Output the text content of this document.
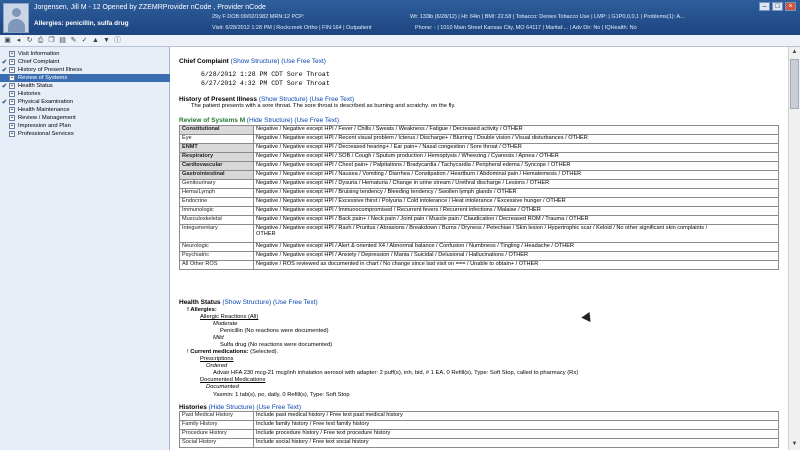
Jorgensen, Jill M - 12 Opened by ZZEMRProvider nCode , Provider nCode
Allergies: penicillin, sulfa drug
29y F DOB:09/02/1982 MRN:12 PCP:
Visit: 6/28/2012 1:28 PM | Rockcreek Ortho | FIN:164 | Outpatient
Wt: 133lb (6/28/12) | Ht: 64in | BMI: 22.58 | Tobacco: Denies Tobacco Use | LMP: | G1P0,0,0,1 | Problems(1): A...
Phone: - | 1010 Main Street Kansas City, MO 64117 | Marital:... | Adv Dir: No | IQHealth: No
–	□	×
▣ ◂ ↻ ⎙ ❐ ▤ ✎ ✓ ▲ ▼ ⓘ
+ Visit Information
✔ + Chief Complaint
✔ + History of Present Illness
+ Review of Systems
✔ + Health Status
+ Histories
✔ + Physical Examination
+ Health Maintenance
+ Review / Management
+ Impression and Plan
+ Professional Services
Chief Complaint (Show Structure) (Use Free Text)
6/28/2012 1:28 PM CDT Sore Throat
6/27/2012 4:32 PM CDT Sore Throat
History of Present Illness (Show Structure) (Use Free Text)
The patient presents with a sore throat. The sore throat is described as burning and scratchy. on the fly.
Review of Systems M (Hide Structure) (Use Free Text)
Constitutional	Negative / Negative except HPI / Fever / Chills / Sweats / Weakness / Fatigue / Decreased activity / OTHER
Eye	Negative / Negative except HPI / Recent visual problem / Icterus / Discharge+ / Blurring / Double vision / Visual disturbances / OTHER
ENMT	Negative / Negative except HPI / Decreased hearing+ / Ear pain+ / Nasal congestion / Sore throat / OTHER
Respiratory	Negative / Negative except HPI / SOB / Cough / Sputum production / Hemoptysis / Wheezing / Cyanosis / Apnea / OTHER
Cardiovascular	Negative / Negative except HPI / Chest pain+ / Palpitations / Bradycardia / Tachycardia / Peripheral edema / Syncope / OTHER
Gastrointestinal	Negative / Negative except HPI / Nausea / Vomiting / Diarrhea / Constipation / Heartburn / Abdominal pain / Hematemesis / OTHER
Genitourinary	Negative / Negative except HPI / Dysuria / Hematuria / Change in urine stream / Urethral discharge / Lesions / OTHER
Hema/Lymph	Negative / Negative except HPI / Bruising tendency / Bleeding tendency / Swollen lymph glands / OTHER
Endocrine	Negative / Negative except HPI / Excessive thirst / Polyuria / Cold intolerance / Heat intolerance / Excessive hunger / OTHER
Immunologic	Negative / Negative except HPI / Immunocompromised / Recurrent fevers / Recurrent infections / Malaise / OTHER
Musculoskeletal	Negative / Negative except HPI / Back pain+ / Neck pain / Joint pain / Muscle pain / Claudication / Decreased ROM / Trauma / OTHER
Integumentary	Negative / Negative except HPI / Rash / Pruritus / Abrasions / Breakdown / Burns / Dryness / Petechiae / Skin lesion / Hypertrophic scar / Keloid / No other significant skin complaints /
OTHER
Neurologic	Negative / Negative except HPI / Alert & oriented X4 / Abnormal balance / Confusion / Numbness / Tingling / Headache / OTHER
Psychiatric	Negative / Negative except HPI / Anxiety / Depression / Mania / Suicidal / Delusional / Hallucinations / OTHER
All Other ROS	Negative / ROS reviewed as documented in chart / No change since last visit on === / Unable to obtain+ / OTHER
Health Status (Show Structure) (Use Free Text)
! Allergies:
Allergic Reactions (All)
Moderate
Penicillin (No reactions were documented)
Mild
Sulfa drug (No reactions were documented)
! Current medications: (Selected).
Prescriptions
Ordered
Advair HFA 230 mcg-21 mcg/inh inhalation aerosol with adapter: 2 puff(s), inh, bid, # 1 EA, 0 Refill(s), Type: Soft Stop, called to pharmacy (Rx)
Documented Medications
Documented
Yasmin: 1 tab(s), po, daily, 0 Refill(s), Type: Soft Stop
Histories (Hide Structure) (Use Free Text)
Past Medical History	Include past medical history / Free text past medical history
Family History	Include family history / Free text family history
Procedure History	Include procedure history / Free text procedure history
Social History	Include social history / Free text social history
▲
▼
